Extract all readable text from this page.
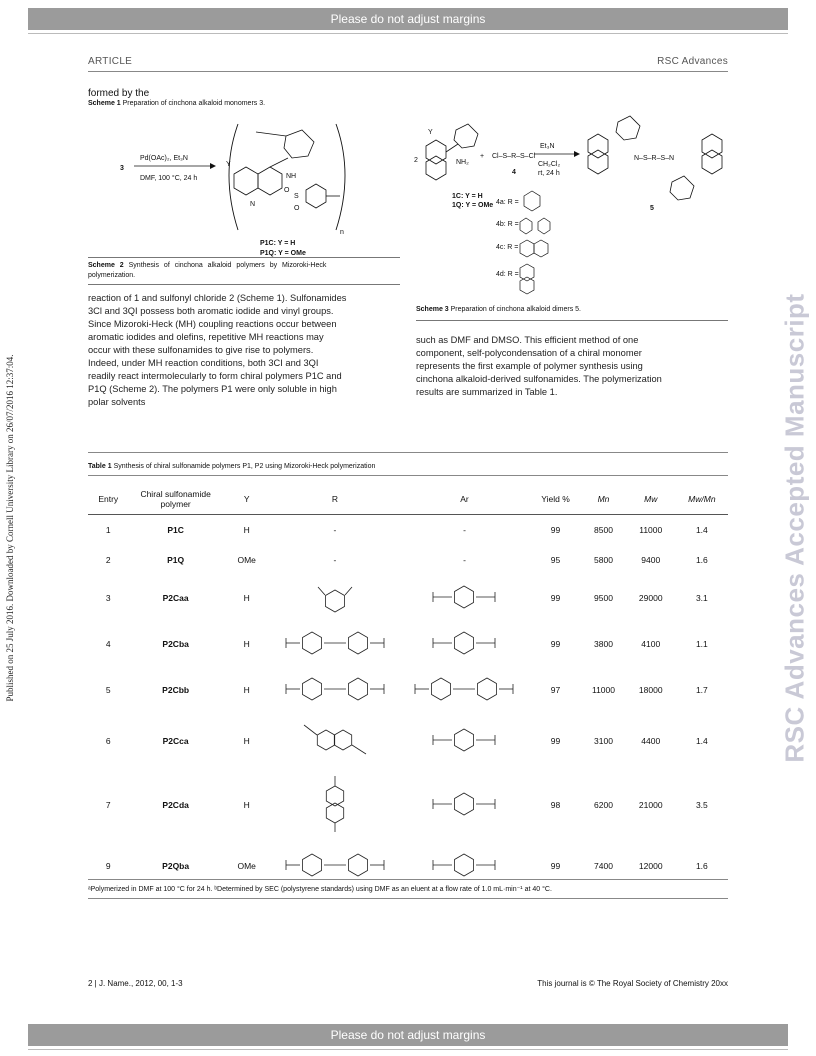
Please do not adjust margins
Please do not adjust margins
Published on 25 July 2016. Downloaded by Cornell University Library on 26/07/2016 12:37:04.	RSC Advances Accepted Manuscript
ARTICLE	RSC Advances
formed by the
Scheme 1 Preparation of cinchona alkaloid monomers 3.
3
Pd(OAc)₂, Et₃N
DMF, 100 °C, 24 h
Y
N
NH
O
S
O
n
P1C: Y = H
P1Q: Y = OMe
Scheme 2 Synthesis of cinchona alkaloid polymers by Mizoroki-Heck
polymerization.
2
Y
NH₂
+ Cl–S–R–S–Cl
4
Et₃N
CH₂Cl₂
rt, 24 h
N–S–R–S–N
5
1C: Y = H
1Q: Y = OMe 4a: R =
4b: R =
4c: R =
4d: R =
Scheme 3 Preparation of cinchona alkaloid dimers 5.
reaction of 1 and sulfonyl chloride 2 (Scheme 1). Sulfonamides
3Cl and 3QI possess both aromatic iodide and vinyl groups.
Since Mizoroki-Heck (MH) coupling reactions occur between
aromatic iodides and olefins, repetitive MH reactions may
occur with these sulfonamides to give rise to polymers.
Indeed, under MH reaction conditions, both 3CI and 3QI
readily react intermolecularly to form chiral polymers P1C and
P1Q (Scheme 2). The polymers P1 were only soluble in high
polar solvents
such as DMF and DMSO. This efficient method of one
component, self-polycondensation of a chiral monomer
represents the first example of polymer synthesis using
cinchona alkaloid-derived sulfonamides. The polymerization
results are summarized in Table 1.
Table 1 Synthesis of chiral sulfonamide polymers P1, P2 using Mizoroki-Heck polymerization
Entry	Chiral sulfonamide polymer	Y	R	Ar	Yield %	Mn	Mw	Mw/Mn
1	P1C	H	-	-	99	8500	11000	1.4
2	P1Q	OMe	-	-	95	5800	9400	1.6
3	P2Caa	H			99	9500	29000	3.1
4	P2Cba	H			99	3800	4100	1.1
5	P2Cbb	H			97	11000	18000	1.7
6	P2Cca	H			99	3100	4400	1.4
7	P2Cda	H			98	6200	21000	3.5
9	P2Qba	OMe			99	7400	12000	1.6
ᵃPolymerized in DMF at 100 °C for 24 h. ᵇDetermined by SEC (polystyrene standards) using DMF as an eluent at a flow rate of 1.0 mL·min⁻¹ at 40 °C.
2 | J. Name., 2012, 00, 1-3	This journal is © The Royal Society of Chemistry 20xx
